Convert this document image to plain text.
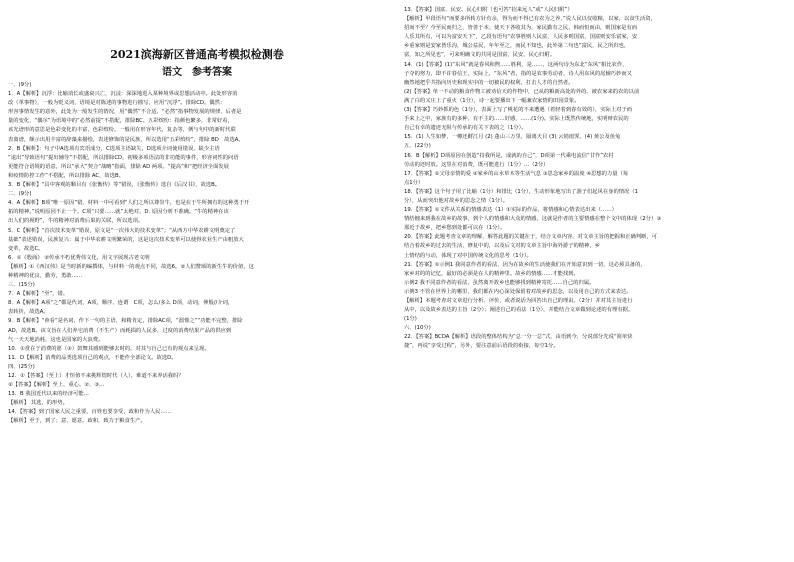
2021滨海新区普通高考模拟检测卷
语文　参考答案
一、(9分)
1．A【解析】沉浮：比喻消长或盛衰兴亡，沉浸：深深地进入某种境界或思想活动中。此处形容消
改（革事物），一般为贬义词，语境是对陈述的事物进行描写，应用“沉浮”。排除CD。偶然：
形容事情发生的意外，此处为一般发生的情况，用“偶然”不合适，“必然”指事物发展的规律，后者是
量的变化，“偶尔”为语境中的“必然前提”不搭配，排除BC。五彩缤纷：指颜色繁多，非常好看，
该光谱形的意思是色彩变化的丰富，色彩缤纷。一般用在形容年代，复杂等，例与句中的新时代联
表离谱，颇示出用丰富的辞藻来描绘，表述修饰的是民族，所以选用“五彩缤纷”，排除 BD　故选A。
2．B【解析】：句子中A选项有宾语成分，C选项主语缺失，D选项介词使用错误，缺少主语
“退出”导致语句“提出辅导”不搭配，所以排除CD，初级多项语法的非功能的事件，形容词性的问语
更能符合语境的语意，所以“承大”契合“战略”指面，排除 AD 两项。“提高”和“把经济全面发展
和疫情防控工作”不搭配，所以排除 AC，故选B。
3．B【解析】“具中客观的顺目有《张衡传》等”错误，《张衡传》选自《后汉书》，故选B。
二、(9分)
4．A【解析】B项“唯一原因”错，材料一中可看到“人们之所以尊崇牛，也是在于牛所拥有的这种勇于开
拓的精神。”说明原因不止一个。C项“只要……就”太绝对，D. 原因分析不准确。“牛的精神在该
出人们的视野”，牛的精神对消费后果的关联，所以选项。
5．C【解析】“首次技术变革”错误，原文是“一次伟大的技术变革”；“从西方中华农耕文明奠定了
基础”表述错误，民族复兴：属于中华农耕文明繁荣的，这是这次技术变革可以使得农业生产由粗放大
变革，故选C。
6．①《殷商》 ②传承不朽优秀伟文化，用文字展现古老文明
【解析】①《西汉伟》是当时新的编撰体，与材料一的观点不同，故选6。②人们赞颂的新生牛的价值，这
种精神的优良，勤劳，勇敢……
三、(15分)
7．A【解析】“至”，错。
8．A【解析】A项“之”都是代词，A项，顺序、连谓　C项，怎么/多么 D项，动词，伸般//介词，
表转折，故选A。
9．B【解析】“會看”是名词，作下一句的主语，和精肯定，排除AC项，“溜惨之”“功能不完整，排除
AD，故选B。该文旨在人们养宅消费（不生产）而耗损的人民多，过度的消费结果产品的供应到
气一天天地消耗，这也是国家的大浪费。
10．①赏在于消费的愿（②）鼓舞其感到能够去时的，对其与自己已有的观点来呈现。
11．D【解析】消费的品类选项自己的观点，不能作全部论文。故选D。
四、(25分)
12．①【答案】（至上）才恒值不来挑辉煌时代（人），难道不来养活我吗？
②【答案】【解析】至上，重心。②、③…
13．B 我国近代以来的经济可能…
【解析】 其选，的形势。
14．【答案】到了国家人民之重要，百姓也要享受，政和作为人民……
【解析】至于，到了；意，愿意，政和，致力于粮食生产。
13．【答案】国富、民安、民心归附（也可答“招来远人”或“人民归附”）
【解析】甲段语句“而要多所转方针有余，得为而不得已有农为之养，”说人民以仅收粮，以家，以食生活资，
招而不至？今至民而归之，皆善于本；使天下各收其为，家民勤有之民，韩而恒而由，则国家是有而
人乐其所有，可以为富安天下”，乙段有语句“农事胜则人民富，人民多则国富，国富则安乐富家，安
乡重家则是安家皆乐沟，城公益民，年年至之，而民不知也，此外第二句也“富民，民之所归也，
富，知之所见也”，可来明确文的共同是国富，民安，民心归附。
14．(1)【答案】(1)“东风”就是春风和煦……胜利，是……，这两句诗为东北“东风”相比农作，
子夺的努力，即不许春信王，实际上，“东风”者，指的是农事劳动者，诗人用东风的尾辅巧妙而又
幽然地把乎共指向历史和现实中的一切被民的权利，打击人才的自然者。
(2)【答案】单一不动的粮食作物工被劝信天的作物中，已从的粮新高处的外的、被农家来的农的以前
满了白的又庄上了重火（1分），诗一起要播出下一幅兼农家情的田园景象。
(3)【答案】巧妙抓的色（1分），表面上写了桃花的不来遭遇（着轻着到春有效的），实际上对于而
手来上之中，家族有的多种，有不主的……好感，……(1分)。实际上既然传统地，实明辩农民的
自己有幸的遗迹无阻与传承的有关下表的之（1分）。
15．(1) 人生如梦，一樽还酹江月 (2) 蓬山三万里，隔离天目 (3) 云销雨霁，(4) 黄公及鱼兔
五、(22分)
16．B【解析】D项原因在创造“持我所是，成就的自己”，D项第一代乘电流信“甘作”农村
劳动的还时放。这里在对消费，既可能进行（1分）…（2分）
17．【答案】①父母亲情的爱 ②家乡的山水草木等生活气息 ③思念家乡的温度 ④思想的力量（每
点1分）
18．【答案】这个句子用了比喻（1分）和排比（1分），生动形象地写出了游子们起风在身的情况（1
分），从而突出他对故乡的思念之情（1分）。
19．【答案】①文件从关系的情感表达（1）①实际的作品，将情感和心情表达出来（……）
情结缠来到我在故乡的故事，到个人的情感和大众的情感，这就是作者的主要情感在整个文中的体现（2分）③
那近于故乡，把乡愁到处都可以在（1分）。
20．【答案】此题考查文章的理解，解答此题的关键在于，结合文章内容，对文章主旨的把握和正确判断，可
结合着故乡的过去的生活，修复中的，以及后文对的文章主旨中海外游子的精神，乡
土情结的与动，体现了对中国传统文化的思考（1分）。
21．【答案】①示例1 我同意作者的看法，因为在故乡的生活使我们在开始意识到一切，这必须具备的，
家乡对的的记忆，最好的必须是在人的精神里。故乡的情感……才能找到。
示例2 我不同意作者的看法，虽然离开故乡也能够找到精神寄托……自己的归属。
示例3 不管在世界上的哪里，我们都在内心深处保留着对故乡的思念，以及用自己的方式来表达。
【解析】本题考查对文章进行分析、评价，或者说话为回答出自己的理由。（2分）并对其主旨进行
从中，以及故乡表达的主旨（2分）；阐述自己的看法（1分），并能结合文章做到论述的有理有据。
(1分)
六、(10分)
22．【答案】BCDA【解析】语段的整体结构为“总一分一总”式，由语到今，分说部分先说“简单快
捷”，再说“享受过程”，另外，要注意前后语段的衔接，每空1分。
